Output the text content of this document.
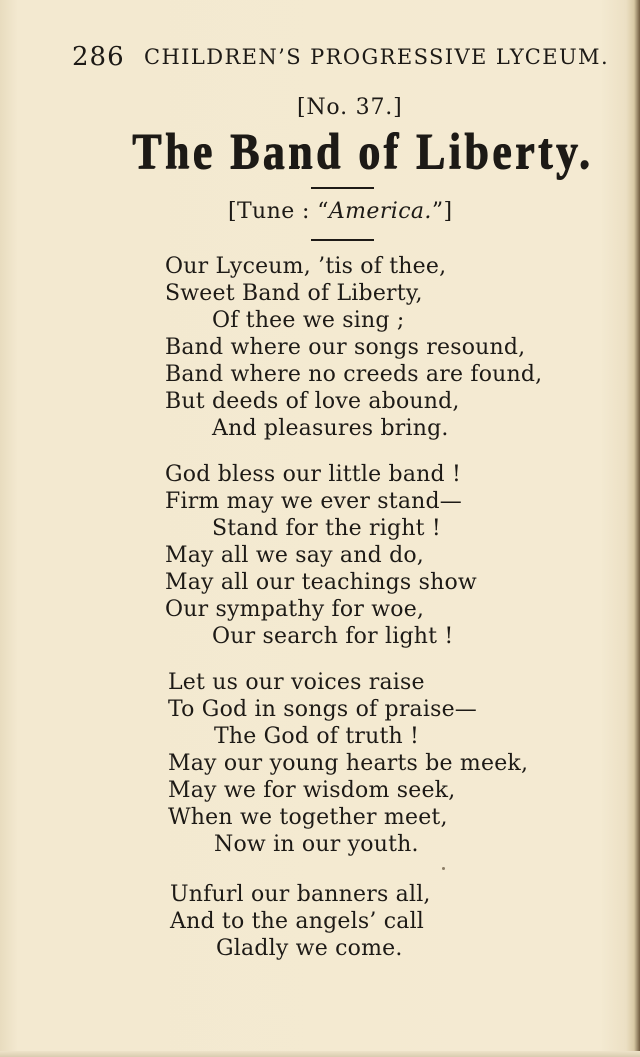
286 CHILDREN’S PROGRESSIVE LYCEUM.
[No. 37.]
The Band of Liberty.
[Tune : “America.”]
Our Lyceum, ’tis of thee,
Sweet Band of Liberty,
Of thee we sing ;
Band where our songs resound,
Band where no creeds are found,
But deeds of love abound,
And pleasures bring.
God bless our little band !
Firm may we ever stand—
Stand for the right !
May all we say and do,
May all our teachings show
Our sympathy for woe,
Our search for light !
Let us our voices raise
To God in songs of praise—
The God of truth !
May our young hearts be meek,
May we for wisdom seek,
When we together meet,
Now in our youth.
Unfurl our banners all,
And to the angels’ call
Gladly we come.
